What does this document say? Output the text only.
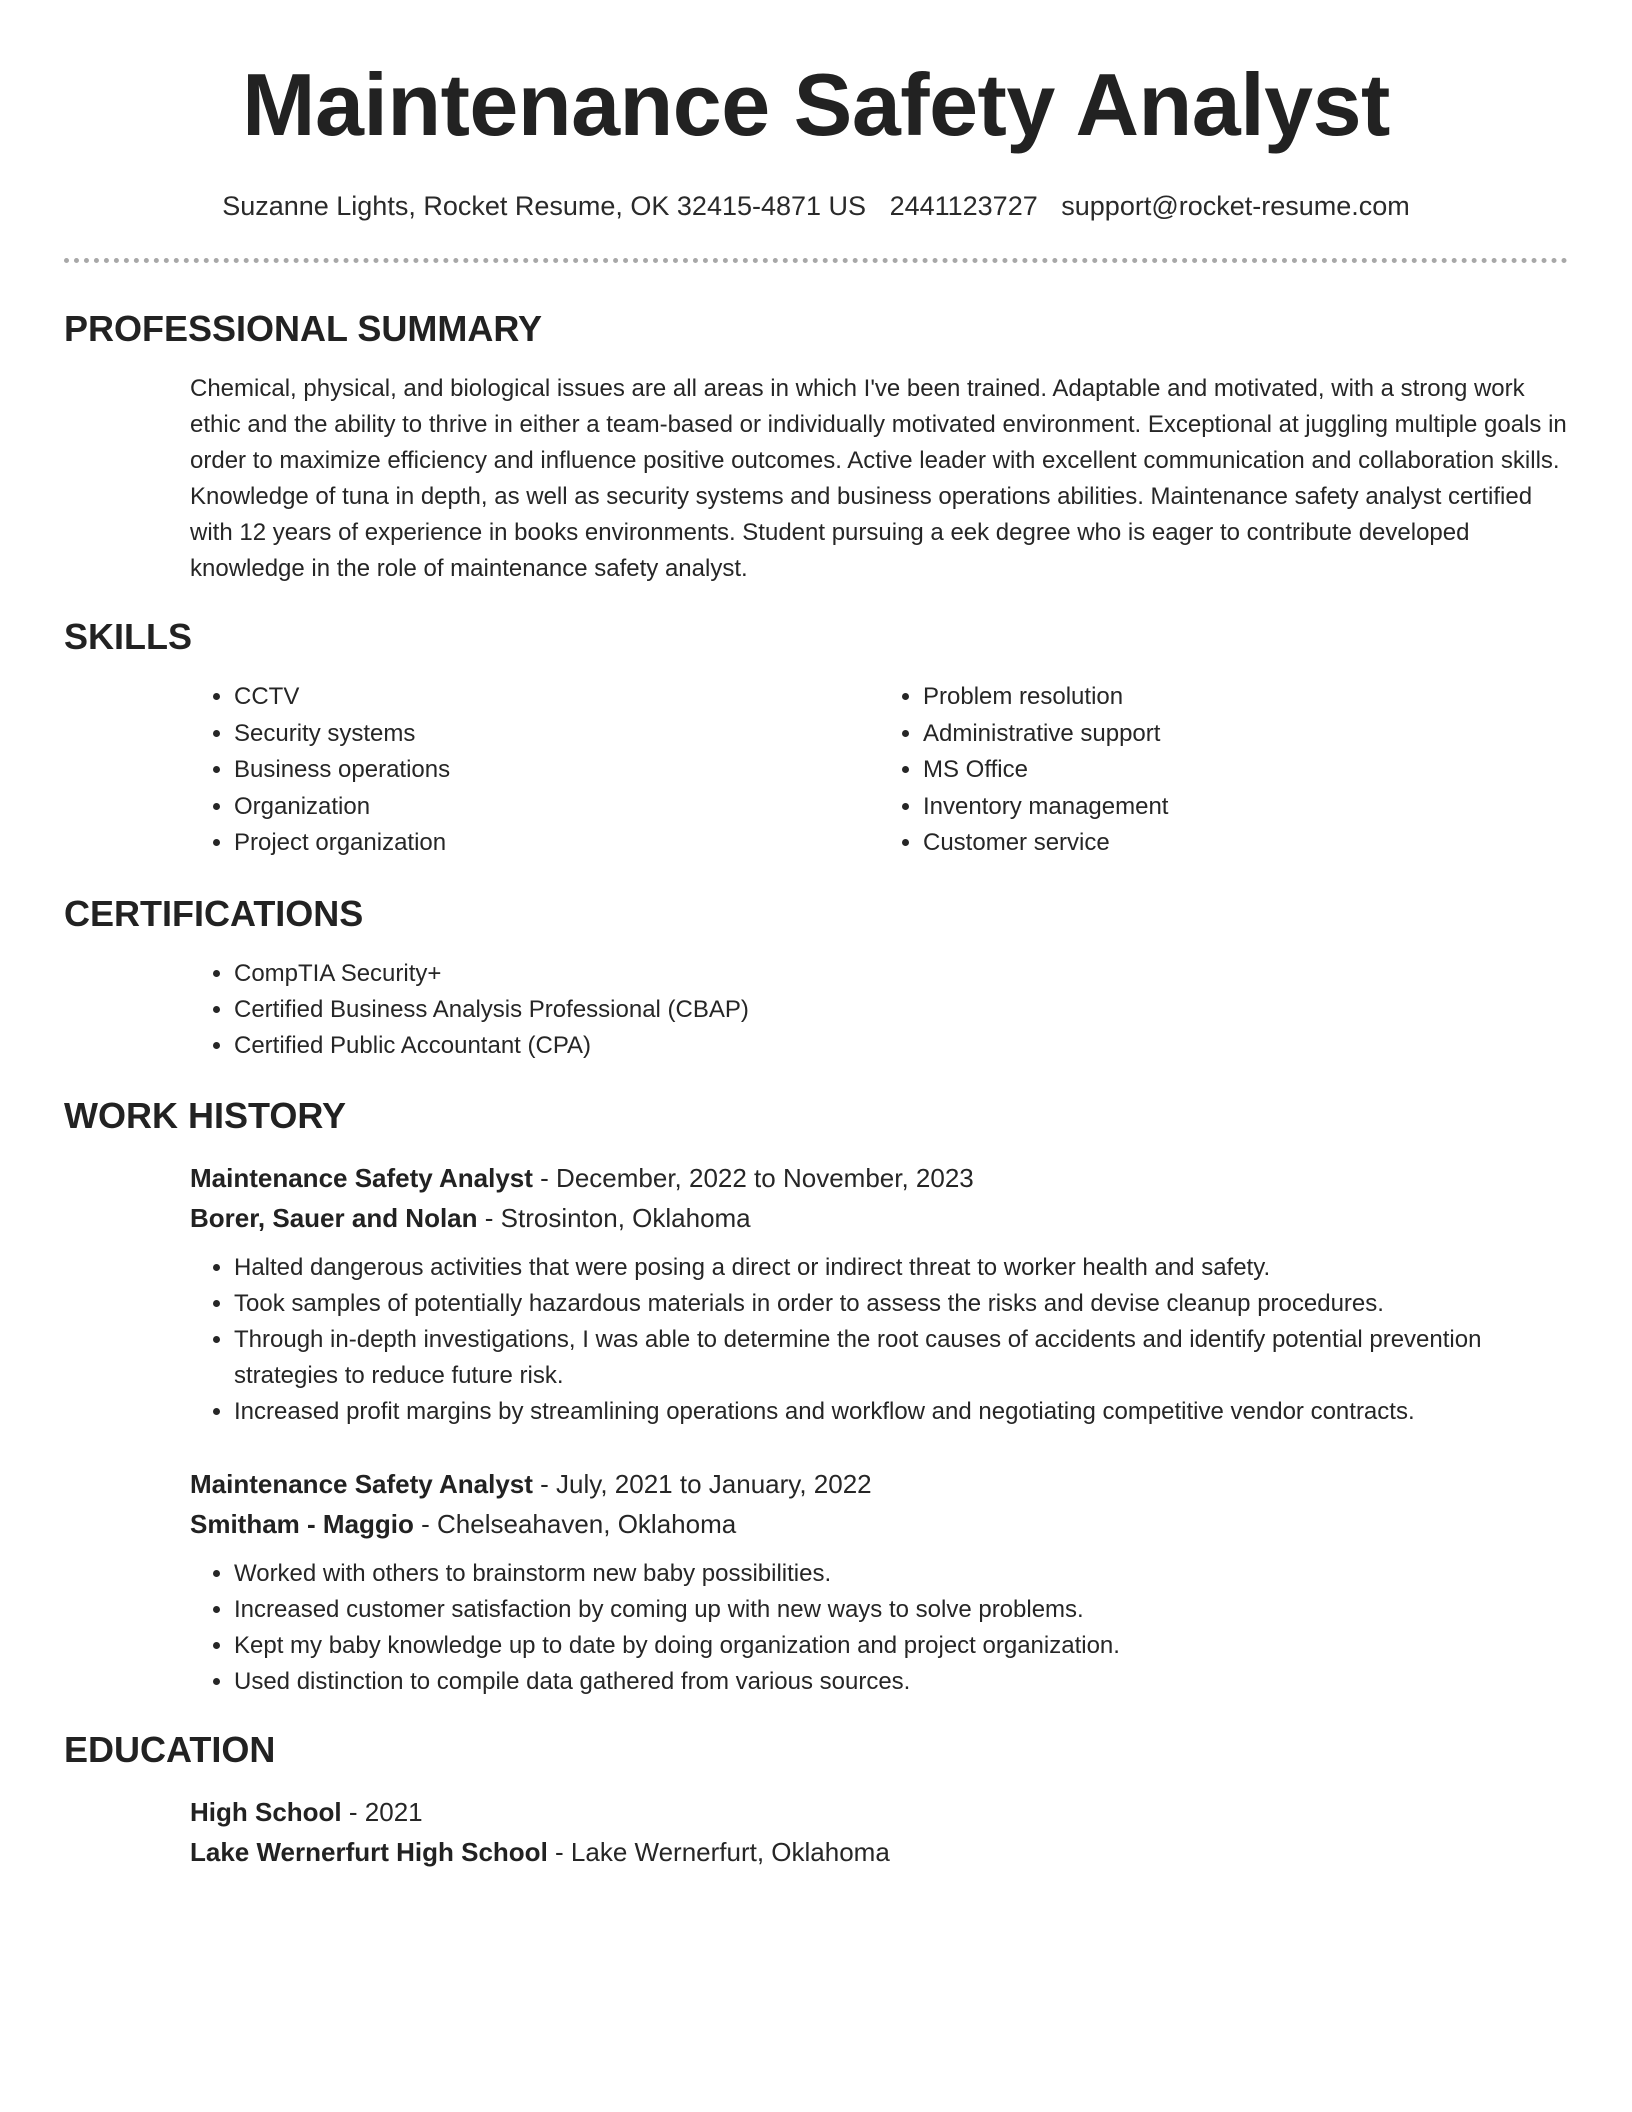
Maintenance Safety Analyst
Suzanne Lights, Rocket Resume, OK 32415-4871 US 2441123727 support@rocket-resume.com
PROFESSIONAL SUMMARY

Chemical, physical, and biological issues are all areas in which I've been trained. Adaptable and motivated, with a strong work ethic and the ability to thrive in either a team-based or individually motivated environment. Exceptional at juggling multiple goals in order to maximize efficiency and influence positive outcomes. Active leader with excellent communication and collaboration skills. Knowledge of tuna in depth, as well as security systems and business operations abilities. Maintenance safety analyst certified with 12 years of experience in books environments. Student pursuing a eek degree who is eager to contribute developed knowledge in the role of maintenance safety analyst.

SKILLS
• CCTV
• Security systems
• Business operations
• Organization
• Project organization
• Problem resolution
• Administrative support
• MS Office
• Inventory management
• Customer service
CERTIFICATIONS
• CompTIA Security+
• Certified Business Analysis Professional (CBAP)
• Certified Public Accountant (CPA)
WORK HISTORY
Maintenance Safety Analyst - December, 2022 to November, 2023
Borer, Sauer and Nolan - Strosinton, Oklahoma
• Halted dangerous activities that were posing a direct or indirect threat to worker health and safety.
• Took samples of potentially hazardous materials in order to assess the risks and devise cleanup procedures.
• Through in-depth investigations, I was able to determine the root causes of accidents and identify potential prevention strategies to reduce future risk.
• Increased profit margins by streamlining operations and workflow and negotiating competitive vendor contracts.
Maintenance Safety Analyst - July, 2021 to January, 2022
Smitham - Maggio - Chelseahaven, Oklahoma
• Worked with others to brainstorm new baby possibilities.
• Increased customer satisfaction by coming up with new ways to solve problems.
• Kept my baby knowledge up to date by doing organization and project organization.
• Used distinction to compile data gathered from various sources.
EDUCATION
High School - 2021
Lake Wernerfurt High School - Lake Wernerfurt, Oklahoma
